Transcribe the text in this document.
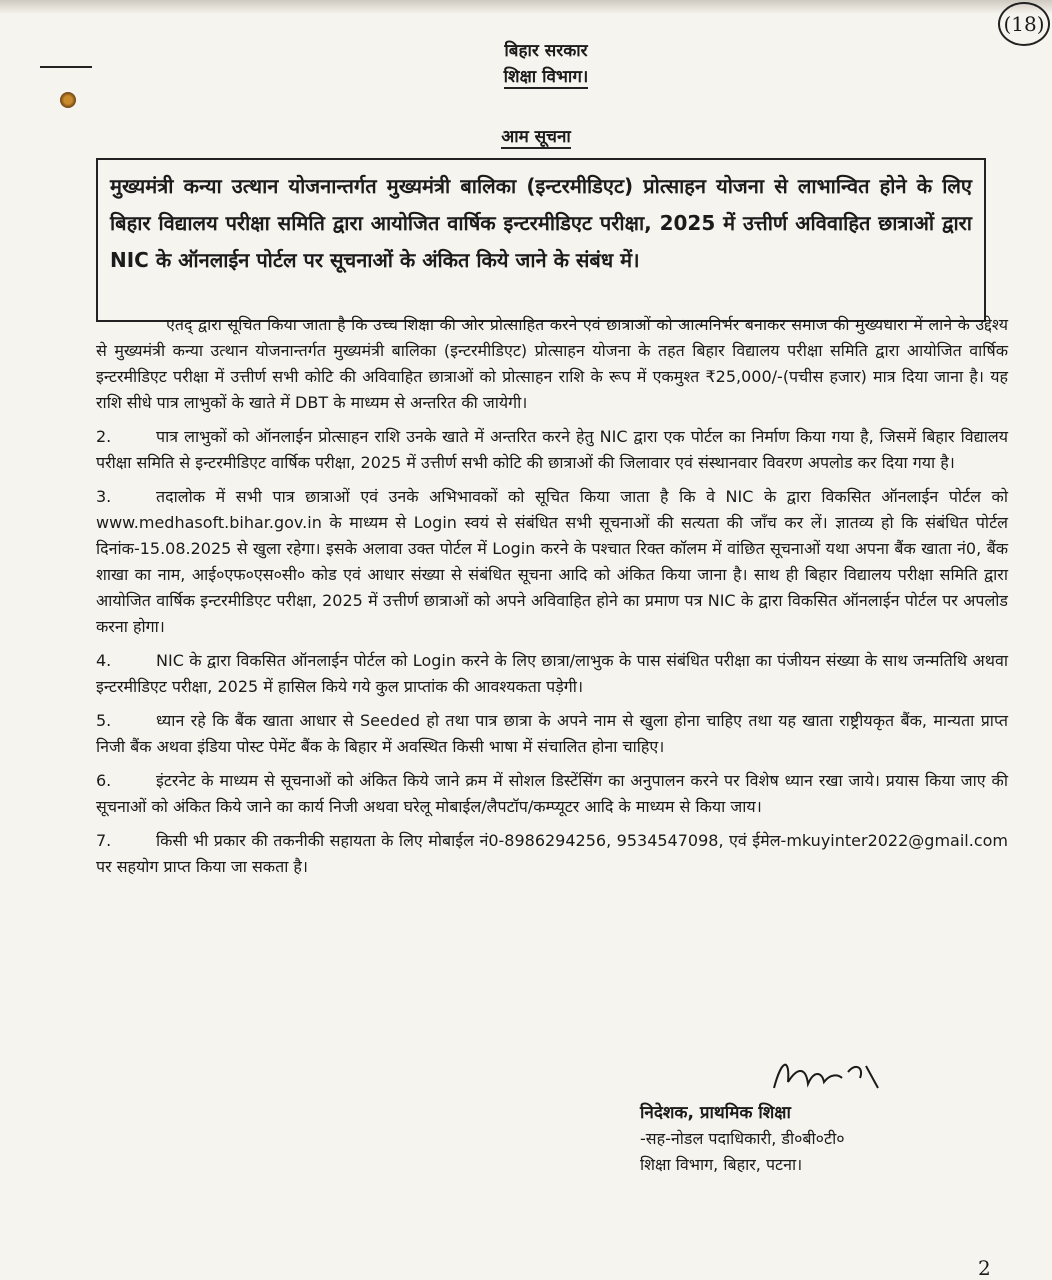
(18)
बिहार सरकार
शिक्षा विभाग।
आम सूचना
मुख्यमंत्री कन्या उत्थान योजनान्तर्गत मुख्यमंत्री बालिका (इन्टरमीडिएट) प्रोत्साहन योजना से लाभान्वित होने के लिए बिहार विद्यालय परीक्षा समिति द्वारा आयोजित वार्षिक इन्टरमीडिएट परीक्षा, 2025 में उत्तीर्ण अविवाहित छात्राओं द्वारा NIC के ऑनलाईन पोर्टल पर सूचनाओं के अंकित किये जाने के संबंध में।

एतद् द्वारा सूचित किया जाता है कि उच्च शिक्षा की ओर प्रोत्साहित करने एवं छात्राओं को आत्मनिर्भर बनाकर समाज की मुख्यधारा में लाने के उद्देश्य से मुख्यमंत्री कन्या उत्थान योजनान्तर्गत मुख्यमंत्री बालिका (इन्टरमीडिएट) प्रोत्साहन योजना के तहत बिहार विद्यालय परीक्षा समिति द्वारा आयोजित वार्षिक इन्टरमीडिएट परीक्षा में उत्तीर्ण सभी कोटि की अविवाहित छात्राओं को प्रोत्साहन राशि के रूप में एकमुश्त ₹25,000/-(पचीस हजार) मात्र दिया जाना है। यह राशि सीधे पात्र लाभुकों के खाते में DBT के माध्यम से अन्तरित की जायेगी।

2.	पात्र लाभुकों को ऑनलाईन प्रोत्साहन राशि उनके खाते में अन्तरित करने हेतु NIC द्वारा एक पोर्टल का निर्माण किया गया है, जिसमें बिहार विद्यालय परीक्षा समिति से इन्टरमीडिएट वार्षिक परीक्षा, 2025 में उत्तीर्ण सभी कोटि की छात्राओं की जिलावार एवं संस्थानवार विवरण अपलोड कर दिया गया है।

3.	तदालोक में सभी पात्र छात्राओं एवं उनके अभिभावकों को सूचित किया जाता है कि वे NIC के द्वारा विकसित ऑनलाईन पोर्टल को www.medhasoft.bihar.gov.in के माध्यम से Login स्वयं से संबंधित सभी सूचनाओं की सत्यता की जाँच कर लें। ज्ञातव्य हो कि संबंधित पोर्टल दिनांक-15.08.2025 से खुला रहेगा। इसके अलावा उक्त पोर्टल में Login करने के पश्चात रिक्त कॉलम में वांछित सूचनाओं यथा अपना बैंक खाता नं0, बैंक शाखा का नाम, आई०एफ०एस०सी० कोड एवं आधार संख्या से संबंधित सूचना आदि को अंकित किया जाना है। साथ ही बिहार विद्यालय परीक्षा समिति द्वारा आयोजित वार्षिक इन्टरमीडिएट परीक्षा, 2025 में उत्तीर्ण छात्राओं को अपने अविवाहित होने का प्रमाण पत्र NIC के द्वारा विकसित ऑनलाईन पोर्टल पर अपलोड करना होगा।

4.	NIC के द्वारा विकसित ऑनलाईन पोर्टल को Login करने के लिए छात्रा/लाभुक के पास संबंधित परीक्षा का पंजीयन संख्या के साथ जन्मतिथि अथवा इन्टरमीडिएट परीक्षा, 2025 में हासिल किये गये कुल प्राप्तांक की आवश्यकता पड़ेगी।

5.	ध्यान रहे कि बैंक खाता आधार से Seeded हो तथा पात्र छात्रा के अपने नाम से खुला होना चाहिए तथा यह खाता राष्ट्रीयकृत बैंक, मान्यता प्राप्त निजी बैंक अथवा इंडिया पोस्ट पेमेंट बैंक के बिहार में अवस्थित किसी भाषा में संचालित होना चाहिए।

6.	इंटरनेट के माध्यम से सूचनाओं को अंकित किये जाने क्रम में सोशल डिस्टेंसिंग का अनुपालन करने पर विशेष ध्यान रखा जाये। प्रयास किया जाए की सूचनाओं को अंकित किये जाने का कार्य निजी अथवा घरेलू मोबाईल/लैपटॉप/कम्प्यूटर आदि के माध्यम से किया जाय।

7.	किसी भी प्रकार की तकनीकी सहायता के लिए मोबाईल नं0-8986294256, 9534547098, एवं ईमेल-mkuyinter2022@gmail.com पर सहयोग प्राप्त किया जा सकता है।

निदेशक, प्राथमिक शिक्षा
-सह-नोडल पदाधिकारी, डी०बी०टी०
शिक्षा विभाग, बिहार, पटना।
2
